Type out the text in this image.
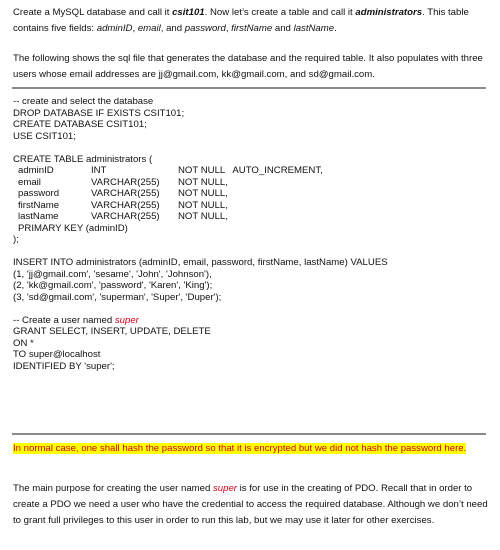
Create a MySQL database and call it csit101. Now let’s create a table and call it administrators. This table contains five fields: adminID, email, and password, firstName and lastName.

The following shows the sql file that generates the database and the required table. It also populates with three users whose email addresses are jj@gmail.com, kk@gmail.com, and sd@gmail.com.

-- create and select the database
DROP DATABASE IF EXISTS CSIT101;
CREATE DATABASE CSIT101;
USE CSIT101;
CREATE TABLE administrators (
adminID	INT	NOT NULL   AUTO_INCREMENT,
email	VARCHAR(255) NOT NULL,
password	VARCHAR(255) NOT NULL,
firstName	VARCHAR(255) NOT NULL,
lastName	VARCHAR(255) NOT NULL,
PRIMARY KEY (adminID)
);
INSERT INTO administrators (adminID, email, password, firstName, lastName) VALUES
(1, 'jj@gmail.com', 'sesame', 'John', 'Johnson'),
(2, 'kk@gmail.com', 'password', 'Karen', 'King');
(3, 'sd@gmail.com', 'superman', 'Super', 'Duper');
-- Create a user named super
GRANT SELECT, INSERT, UPDATE, DELETE
ON *
TO super@localhost
IDENTIFIED BY 'super';

In normal case, one shall hash the password so that it is encrypted but we did not hash the password here.

The main purpose for creating the user named super is for use in the creating of PDO. Recall that in order to create a PDO we need a user who have the credential to access the required database. Although we don’t need to grant full privileges to this user in order to run this lab, but we may use it later for other exercises.
